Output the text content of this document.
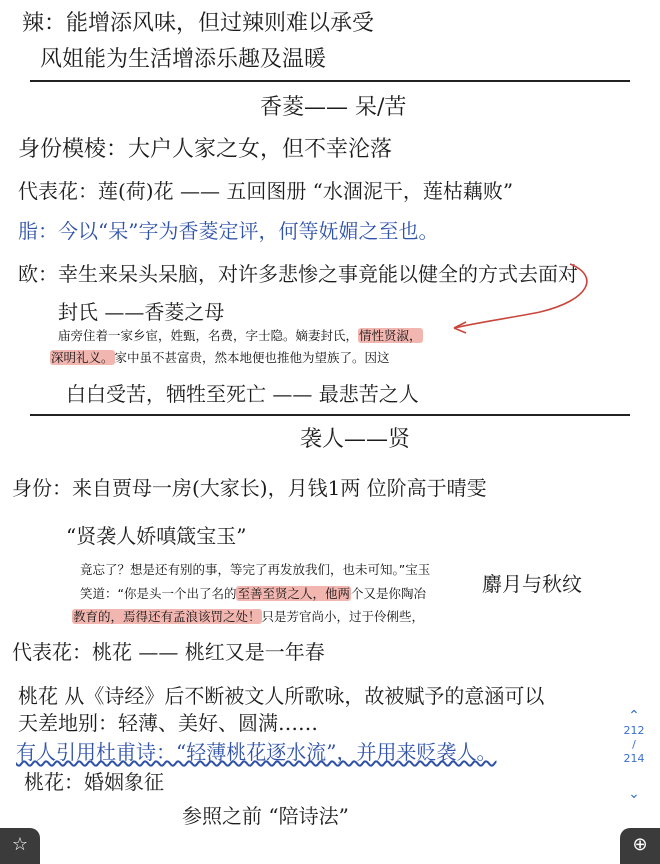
辣：能增添风味，但过辣则难以承受
风姐能为生活增添乐趣及温暖
香菱—— 呆/苦
身份模棱：大户人家之女，但不幸沦落
代表花：莲(荷)花 —— 五回图册 “水涸泥干，莲枯藕败”
脂：今以“呆”字为香菱定评，何等妩媚之至也。
欧：幸生来呆头呆脑，对许多悲惨之事竟能以健全的方式去面对
封氏 ——香菱之母
庙旁住着一家乡宦，姓甄，名费，字士隐。嫡妻封氏，情性贤淑，
深明礼义。家中虽不甚富贵，然本地便也推他为望族了。因这
白白受苦，牺牲至死亡 —— 最悲苦之人
袭人——贤
身份：来自贾母一房(大家长)，月钱1两 位阶高于晴雯
“贤袭人娇嗔箴宝玉”
竟忘了？想是还有别的事，等完了再发放我们，也未可知。”宝玉
笑道：“你是头一个出了名的至善至贤之人，他两个又是你陶冶
教育的，焉得还有孟浪该罚之处！只是芳官尚小，过于伶俐些，
麝月与秋纹
代表花：桃花 —— 桃红又是一年春
桃花 从《诗经》后不断被文人所歌咏，故被赋予的意涵可以
天差地别：轻薄、美好、圆满……
有人引用杜甫诗：“轻薄桃花逐水流”，并用来贬袭人。
桃花：婚姻象征
参照之前 “陪诗法”
⌃
212
/
214
⌄
☆	⊕
